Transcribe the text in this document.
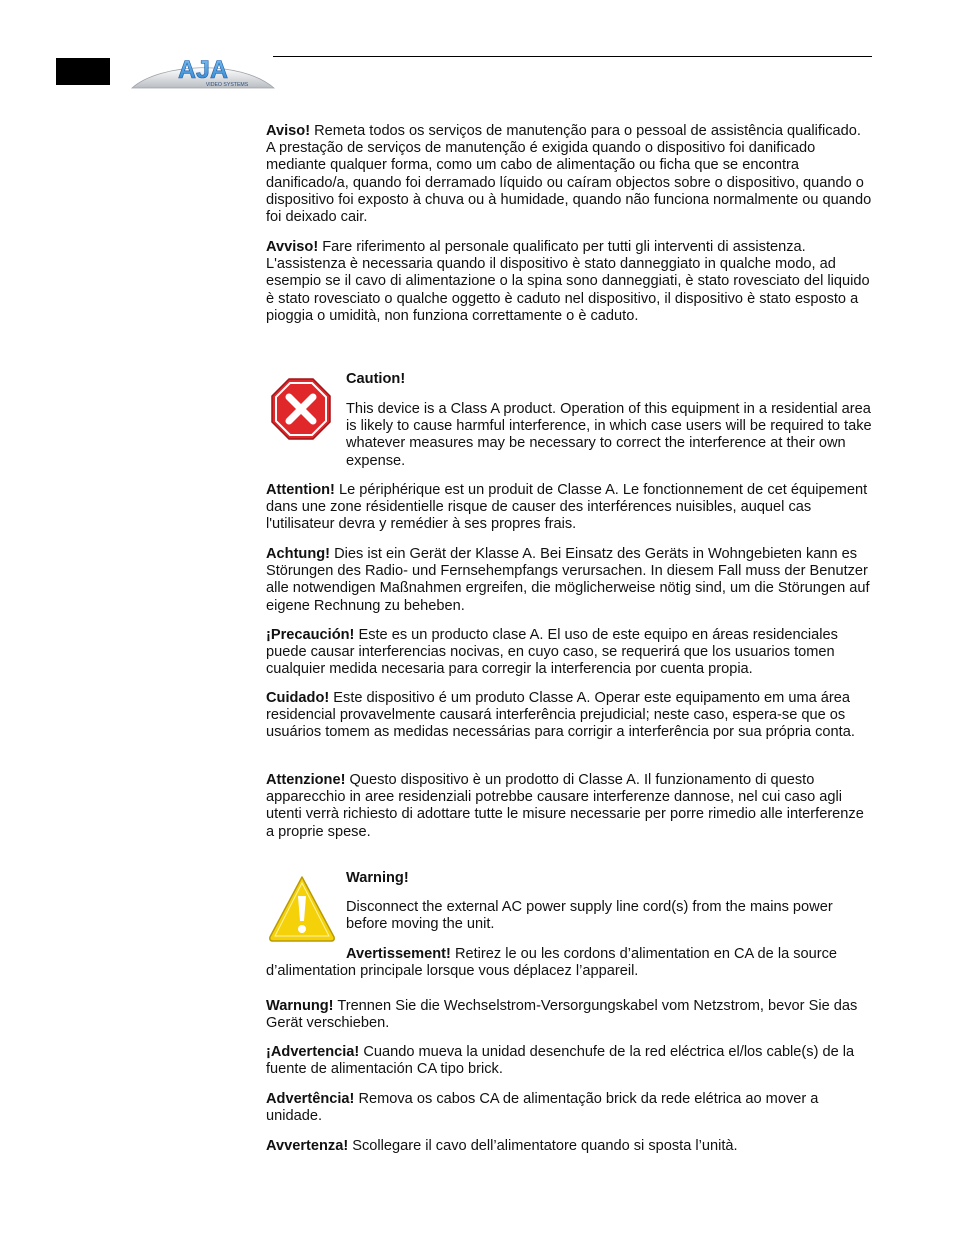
AJA
VIDEO SYSTEMS

Aviso! Remeta todos os serviços de manutenção para o pessoal de assistência qualificado. A prestação de serviços de manutenção é exigida quando o dispositivo foi danificado mediante qualquer forma, como um cabo de alimentação ou ficha que se encontra danificado/a, quando foi derramado líquido ou caíram objectos sobre o dispositivo, quando o dispositivo foi exposto à chuva ou à humidade, quando não funciona normalmente ou quando foi deixado cair.

Avviso! Fare riferimento al personale qualificato per tutti gli interventi di assistenza. L'assistenza è necessaria quando il dispositivo è stato danneggiato in qualche modo, ad esempio se il cavo di alimentazione o la spina sono danneggiati, è stato rovesciato del liquido è stato rovesciato o qualche oggetto è caduto nel dispositivo, il dispositivo è stato esposto a pioggia o umidità, non funziona correttamente o è caduto.

Caution!

This device is a Class A product. Operation of this equipment in a residential area is likely to cause harmful interference, in which case users will be required to take whatever measures may be necessary to correct the interference at their own expense.

Attention! Le périphérique est un produit de Classe A. Le fonctionnement de cet équipement dans une zone résidentielle risque de causer des interférences nuisibles, auquel cas l'utilisateur devra y remédier à ses propres frais.

Achtung! Dies ist ein Gerät der Klasse A. Bei Einsatz des Geräts in Wohngebieten kann es Störungen des Radio- und Fernsehempfangs verursachen. In diesem Fall muss der Benutzer alle notwendigen Maßnahmen ergreifen, die möglicherweise nötig sind, um die Störungen auf eigene Rechnung zu beheben.

¡Precaución! Este es un producto clase A. El uso de este equipo en áreas residenciales puede causar interferencias nocivas, en cuyo caso, se requerirá que los usuarios tomen cualquier medida necesaria para corregir la interferencia por cuenta propia.

Cuidado! Este dispositivo é um produto Classe A. Operar este equipamento em uma área residencial provavelmente causará interferência prejudicial; neste caso, espera-se que os usuários tomem as medidas necessárias para corrigir a interferência por sua própria conta.

Attenzione! Questo dispositivo è un prodotto di Classe A. Il funzionamento di questo apparecchio in aree residenziali potrebbe causare interferenze dannose, nel cui caso agli utenti verrà richiesto di adottare tutte le misure necessarie per porre rimedio alle interferenze a proprie spese.

Warning!

Disconnect the external AC power supply line cord(s) from the mains power before moving the unit.

Avertissement! Retirez le ou les cordons d’alimentation en CA de la source d’alimentation principale lorsque vous déplacez l’appareil.

Warnung! Trennen Sie die Wechselstrom-Versorgungskabel vom Netzstrom, bevor Sie das Gerät verschieben.

¡Advertencia! Cuando mueva la unidad desenchufe de la red eléctrica el/los cable(s) de la fuente de alimentación CA tipo brick.

Advertência! Remova os cabos CA de alimentação brick da rede elétrica ao mover a unidade.

Avvertenza! Scollegare il cavo dell’alimentatore quando si sposta l’unità.
